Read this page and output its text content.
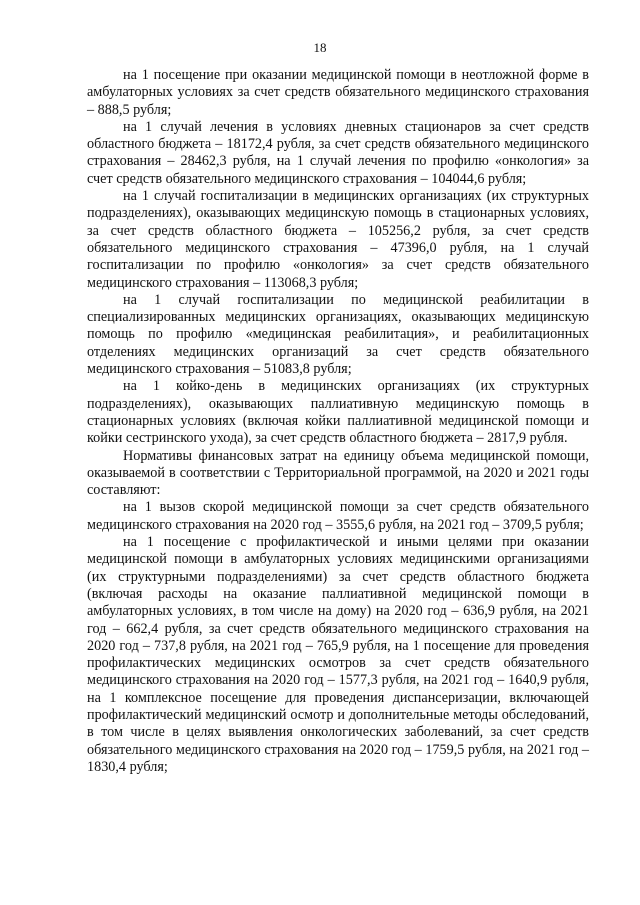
18

на 1 посещение при оказании медицинской помощи в неотложной форме в амбулаторных условиях за счет средств обязательного медицинского страхования – 888,5 рубля;

на 1 случай лечения в условиях дневных стационаров за счет средств областного бюджета – 18172,4 рубля, за счет средств обязательного медицинского страхования – 28462,3 рубля, на 1 случай лечения по профилю «онкология» за счет средств обязательного медицинского страхования – 104044,6 рубля;

на 1 случай госпитализации в медицинских организациях (их структурных подразделениях), оказывающих медицинскую помощь в стационарных условиях, за счет средств областного бюджета – 105256,2 рубля, за счет средств обязательного медицинского страхования – 47396,0 рубля, на 1 случай госпитализации по профилю «онкология» за счет средств обязательного медицинского страхования – 113068,3 рубля;

на 1 случай госпитализации по медицинской реабилитации в специализированных медицинских организациях, оказывающих медицинскую помощь по профилю «медицинская реабилитация», и реабилитационных отделениях медицинских организаций за счет средств обязательного медицинского страхования – 51083,8 рубля;

на 1 койко-день в медицинских организациях (их структурных подразделениях), оказывающих паллиативную медицинскую помощь в стационарных условиях (включая койки паллиативной медицинской помощи и койки сестринского ухода), за счет средств областного бюджета – 2817,9 рубля.

Нормативы финансовых затрат на единицу объема медицинской помощи, оказываемой в соответствии с Территориальной программой, на 2020 и 2021 годы составляют:

на 1 вызов скорой медицинской помощи за счет средств обязательного медицинского страхования на 2020 год – 3555,6 рубля, на 2021 год – 3709,5 рубля;

на 1 посещение с профилактической и иными целями при оказании медицинской помощи в амбулаторных условиях медицинскими организациями (их структурными подразделениями) за счет средств областного бюджета (включая расходы на оказание паллиативной медицинской помощи в амбулаторных условиях, в том числе на дому) на 2020 год – 636,9 рубля, на 2021 год – 662,4 рубля, за счет средств обязательного медицинского страхования на 2020 год – 737,8 рубля, на 2021 год – 765,9 рубля, на 1 посещение для проведения профилактических медицинских осмотров за счет средств обязательного медицинского страхования на 2020 год – 1577,3 рубля, на 2021 год – 1640,9 рубля, на 1 комплексное посещение для проведения диспансеризации, включающей профилактический медицинский осмотр и дополнительные методы обследований, в том числе в целях выявления онкологических заболеваний, за счет средств обязательного медицинского страхования на 2020 год – 1759,5 рубля, на 2021 год – 1830,4 рубля;
